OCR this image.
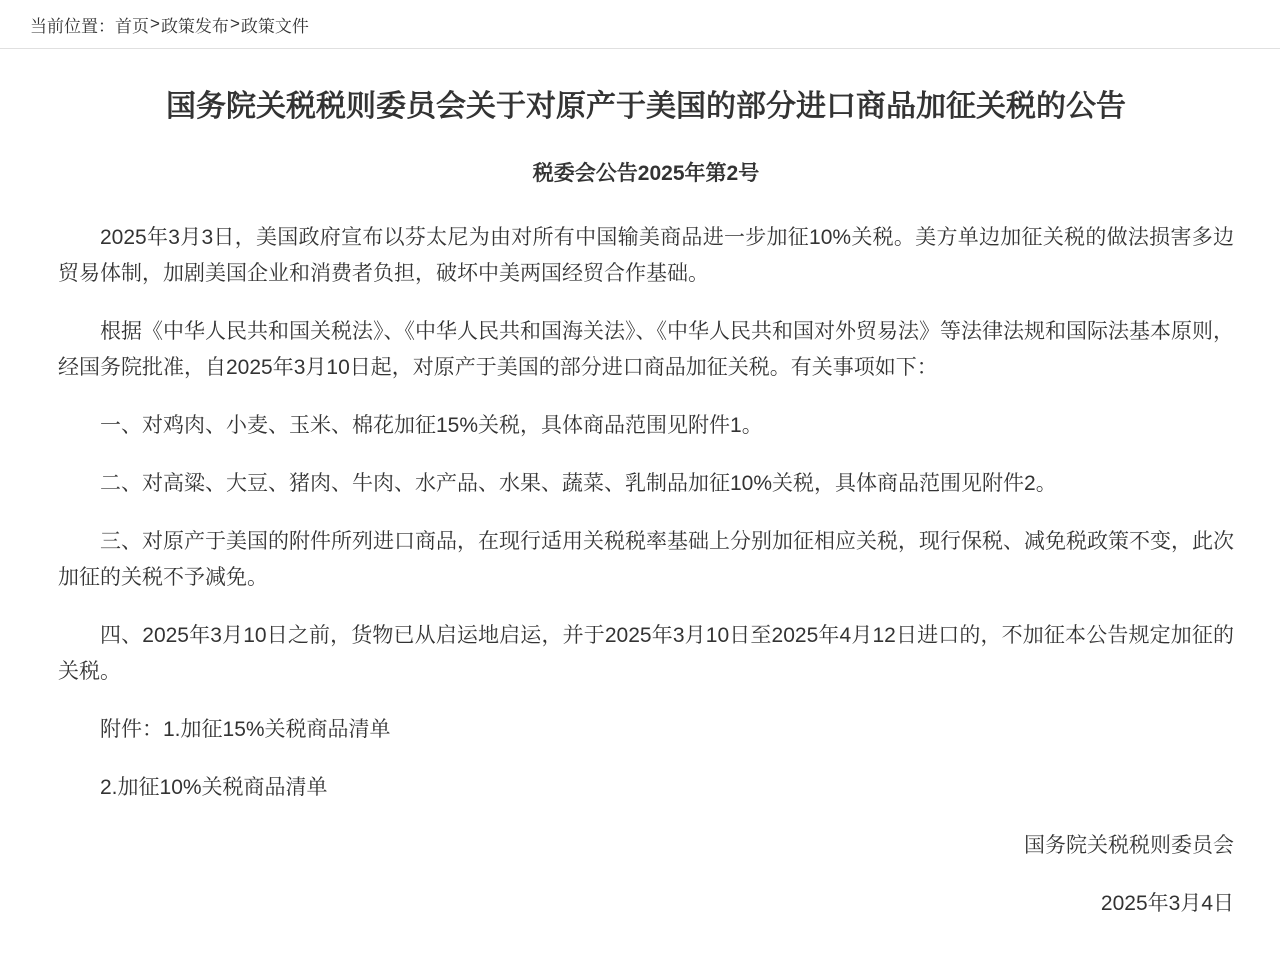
当前位置： 首页 > 政策发布 > 政策文件
国务院关税税则委员会关于对原产于美国的部分进口商品加征关税的公告
税委会公告2025年第2号

2025年3月3日，美国政府宣布以芬太尼为由对所有中国输美商品进一步加征10%关税。美方单边加征关税的做法损害多边贸易体制，加剧美国企业和消费者负担，破坏中美两国经贸合作基础。

根据《中华人民共和国关税法》、《中华人民共和国海关法》、《中华人民共和国对外贸易法》等法律法规和国际法基本原则，经国务院批准，自2025年3月10日起，对原产于美国的部分进口商品加征关税。有关事项如下：

一、对鸡肉、小麦、玉米、棉花加征15%关税，具体商品范围见附件1。

二、对高粱、大豆、猪肉、牛肉、水产品、水果、蔬菜、乳制品加征10%关税，具体商品范围见附件2。

三、对原产于美国的附件所列进口商品，在现行适用关税税率基础上分别加征相应关税，现行保税、减免税政策不变，此次加征的关税不予减免。

四、2025年3月10日之前，货物已从启运地启运，并于2025年3月10日至2025年4月12日进口的，不加征本公告规定加征的关税。

附件：1.加征15%关税商品清单

2.加征10%关税商品清单

国务院关税税则委员会

2025年3月4日
